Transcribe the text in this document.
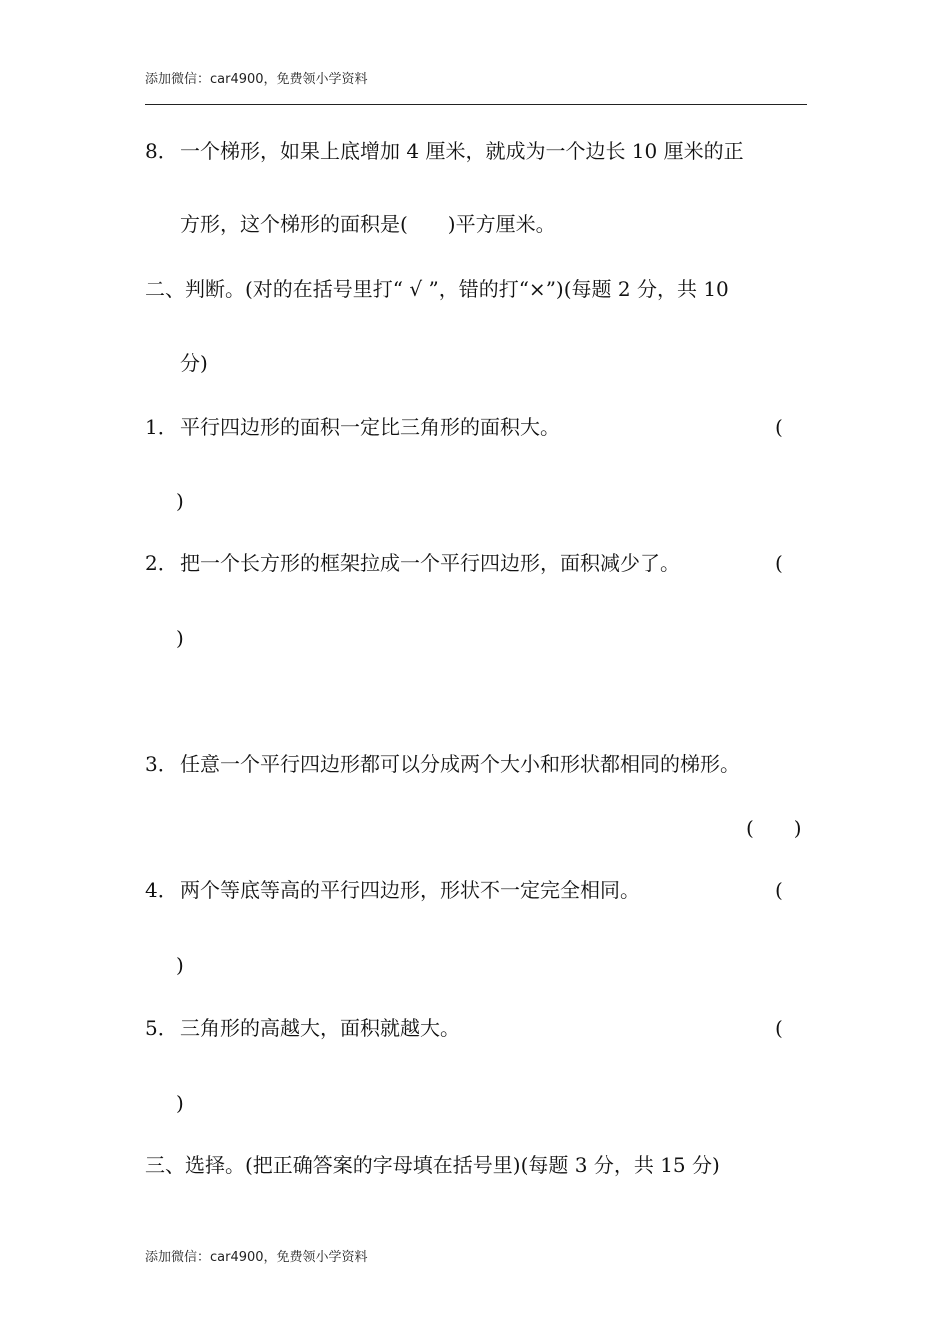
添加微信：car4900，免费领小学资料
8． 一个梯形，如果上底增加 4 厘米，就成为一个边长 10 厘米的正
方形，这个梯形的面积是(　　)平方厘米。
二、判断。(对的在括号里打“ √ ”，错的打“×”)(每题 2 分，共 10
分)
1． 平行四边形的面积一定比三角形的面积大。	(
)
2． 把一个长方形的框架拉成一个平行四边形，面积减少了。	(
)
3． 任意一个平行四边形都可以分成两个大小和形状都相同的梯形。
(　　)
4． 两个等底等高的平行四边形，形状不一定完全相同。	(
)
5． 三角形的高越大，面积就越大。	(
)
三、选择。(把正确答案的字母填在括号里)(每题 3 分，共 15 分)
添加微信：car4900，免费领小学资料
